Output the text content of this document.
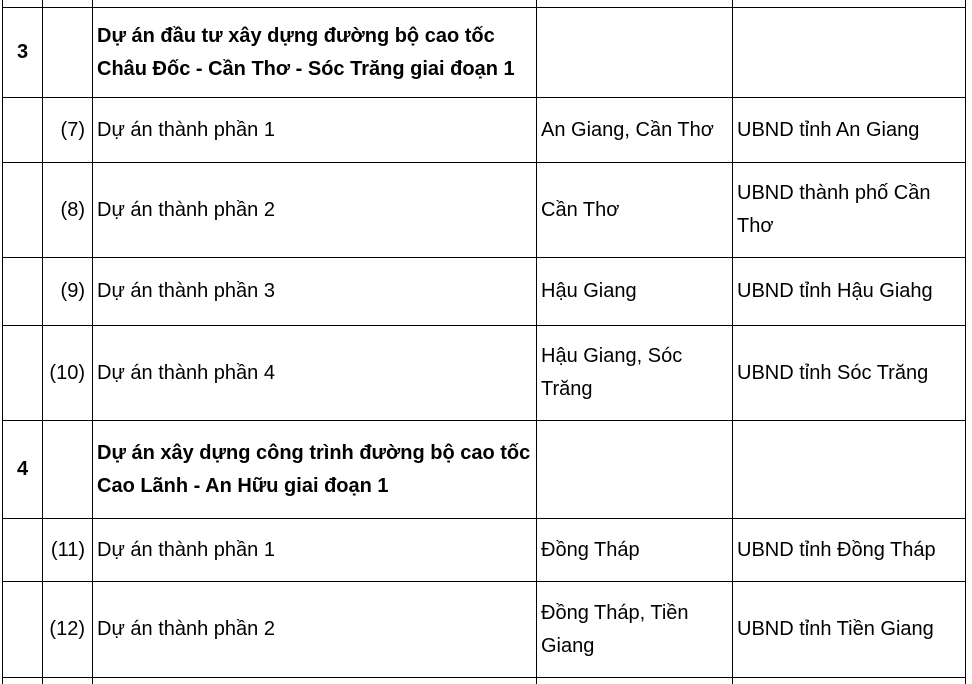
3		Dự án đầu tư xây dựng đường bộ cao tốc Châu Đốc - Cần Thơ - Sóc Trăng giai đoạn 1		
	(7)	Dự án thành phần 1	An Giang, Cần Thơ	UBND tỉnh An Giang
	(8)	Dự án thành phần 2	Cần Thơ	UBND thành phố Cần Thơ
	(9)	Dự án thành phần 3	Hậu Giang	UBND tỉnh Hậu Giahg
	(10)	Dự án thành phần 4	Hậu Giang, Sóc Trăng	UBND tỉnh Sóc Trăng
4		Dự án xây dựng công trình đường bộ cao tốc Cao Lãnh - An Hữu giai đoạn 1		
	(11)	Dự án thành phần 1	Đồng Tháp	UBND tỉnh Đồng Tháp
	(12)	Dự án thành phần 2	Đồng Tháp, Tiền Giang	UBND tỉnh Tiền Giang
